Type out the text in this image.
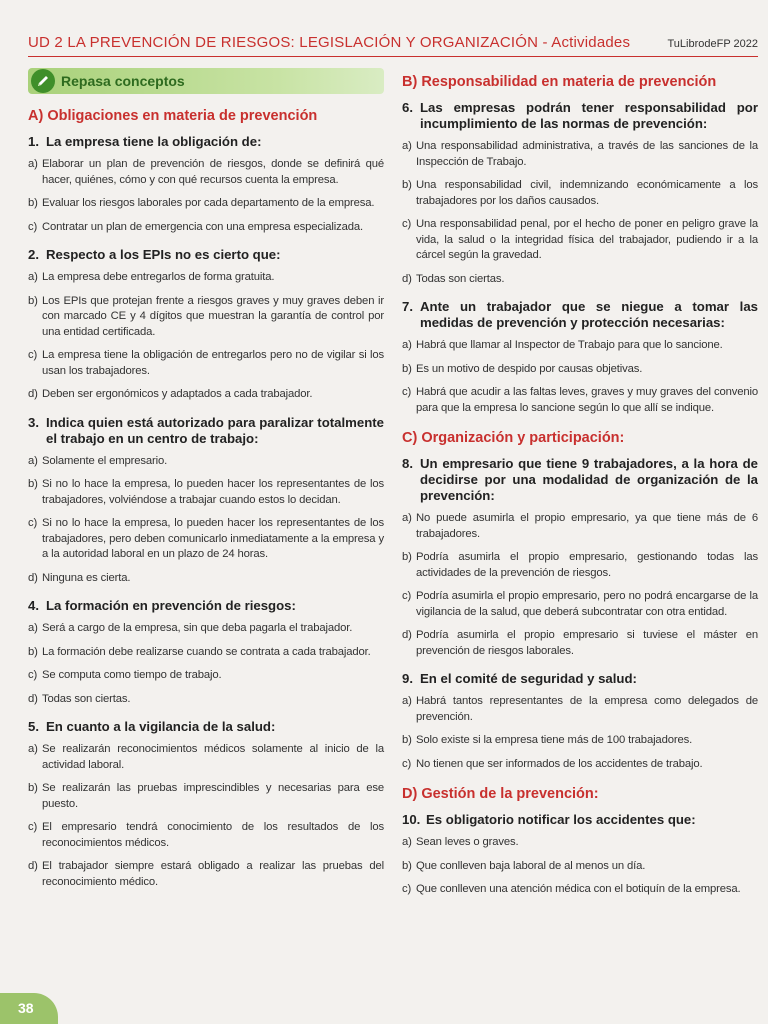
UD 2 LA PREVENCIÓN DE RIESGOS: LEGISLACIÓN Y ORGANIZACIÓN - Actividades	TuLibrodeFP 2022
Repasa conceptos
A) Obligaciones en materia de prevención
1. La empresa tiene la obligación de:
a) Elaborar un plan de prevención de riesgos, donde se definirá qué hacer, quiénes, cómo y con qué recursos cuenta la empresa.
b) Evaluar los riesgos laborales por cada departamento de la empresa.
c) Contratar un plan de emergencia con una empresa especializada.
2. Respecto a los EPIs no es cierto que:
a) La empresa debe entregarlos de forma gratuita.
b) Los EPIs que protejan frente a riesgos graves y muy graves deben ir con marcado CE y 4 dígitos que muestran la garantía de control por una entidad certificada.
c) La empresa tiene la obligación de entregarlos pero no de vigilar si los usan los trabajadores.
d) Deben ser ergonómicos y adaptados a cada trabajador.
3. Indica quien está autorizado para paralizar totalmente el trabajo en un centro de trabajo:
a) Solamente el empresario.
b) Si no lo hace la empresa, lo pueden hacer los representantes de los trabajadores, volviéndose a trabajar cuando estos lo decidan.
c) Si no lo hace la empresa, lo pueden hacer los representantes de los trabajadores, pero deben comunicarlo inmediatamente a la empresa y a la autoridad laboral en un plazo de 24 horas.
d) Ninguna es cierta.
4. La formación en prevención de riesgos:
a) Será a cargo de la empresa, sin que deba pagarla el trabajador.
b) La formación debe realizarse cuando se contrata a cada trabajador.
c) Se computa como tiempo de trabajo.
d) Todas son ciertas.
5. En cuanto a la vigilancia de la salud:
a) Se realizarán reconocimientos médicos solamente al inicio de la actividad laboral.
b) Se realizarán las pruebas imprescindibles y necesarias para ese puesto.
c) El empresario tendrá conocimiento de los resultados de los reconocimientos médicos.
d) El trabajador siempre estará obligado a realizar las pruebas del reconocimiento médico.
B) Responsabilidad en materia de prevención
6. Las empresas podrán tener responsabilidad por incumplimiento de las normas de prevención:
a) Una responsabilidad administrativa, a través de las sanciones de la Inspección de Trabajo.
b) Una responsabilidad civil, indemnizando económicamente a los trabajadores por los daños causados.
c) Una responsabilidad penal, por el hecho de poner en peligro grave la vida, la salud o la integridad física del trabajador, pudiendo ir a la cárcel según la gravedad.
d) Todas son ciertas.
7. Ante un trabajador que se niegue a tomar las medidas de prevención y protección necesarias:
a) Habrá que llamar al Inspector de Trabajo para que lo sancione.
b) Es un motivo de despido por causas objetivas.
c) Habrá que acudir a las faltas leves, graves y muy graves del convenio para que la empresa lo sancione según lo que allí se indique.
C) Organización y participación:
8. Un empresario que tiene 9 trabajadores, a la hora de decidirse por una modalidad de organización de la prevención:
a) No puede asumirla el propio empresario, ya que tiene más de 6 trabajadores.
b) Podría asumirla el propio empresario, gestionando todas las actividades de la prevención de riesgos.
c) Podría asumirla el propio empresario, pero no podrá encargarse de la vigilancia de la salud, que deberá subcontratar con otra entidad.
d) Podría asumirla el propio empresario si tuviese el máster en prevención de riesgos laborales.
9. En el comité de seguridad y salud:
a) Habrá tantos representantes de la empresa como delegados de prevención.
b) Solo existe si la empresa tiene más de 100 trabajadores.
c) No tienen que ser informados de los accidentes de trabajo.
D) Gestión de la prevención:
10. Es obligatorio notificar los accidentes que:
a) Sean leves o graves.
b) Que conlleven baja laboral de al menos un día.
c) Que conlleven una atención médica con el botiquín de la empresa.
38
